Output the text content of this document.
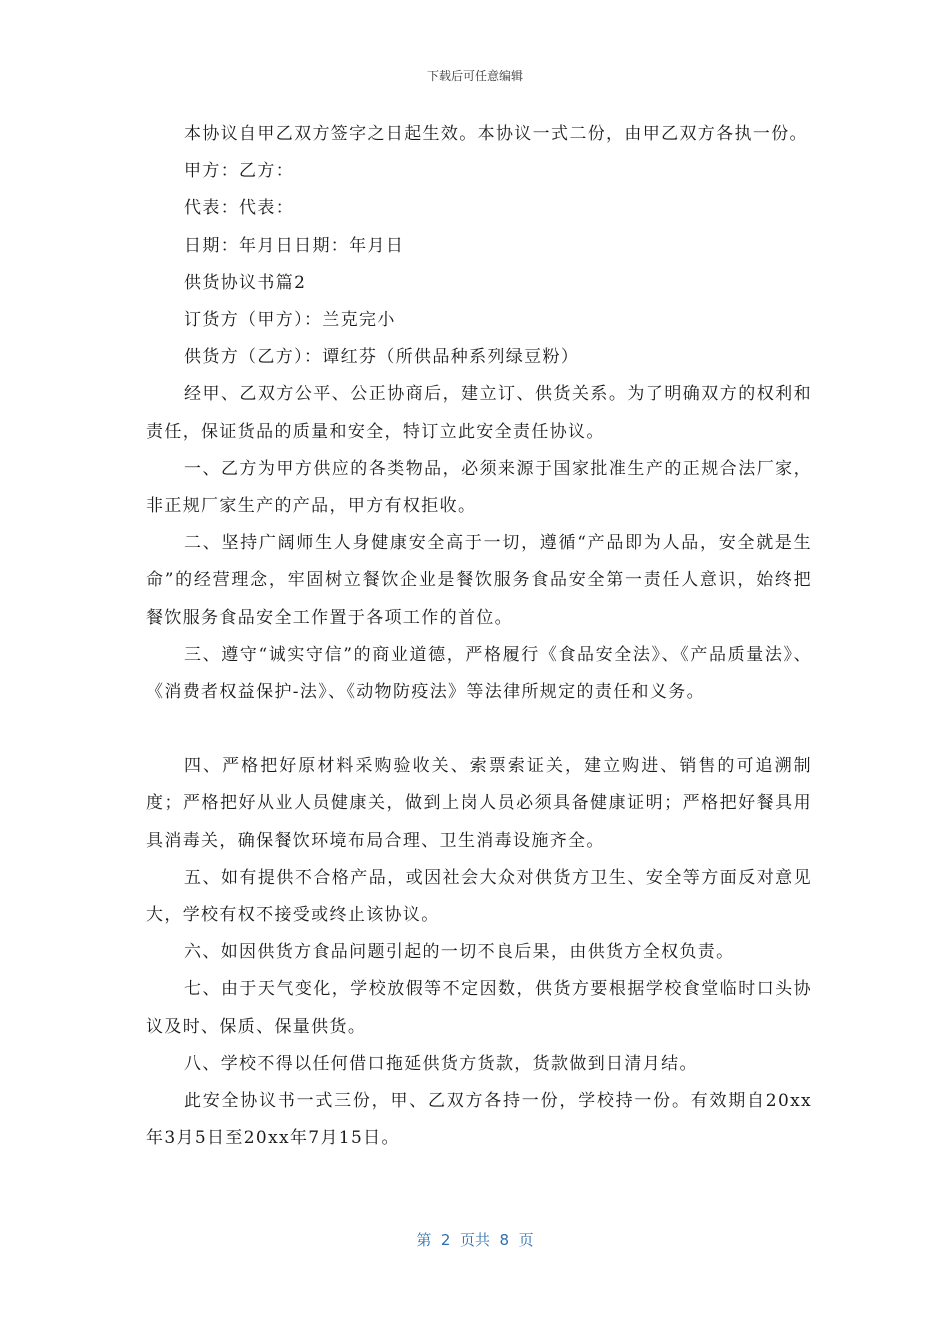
下载后可任意编辑

本协议自甲乙双方签字之日起生效。本协议一式二份，由甲乙双方各执一份。

甲方：乙方：

代表：代表：

日期：年月日日期：年月日

供货协议书篇2

订货方（甲方）：兰克完小

供货方（乙方）：谭红芬（所供品种系列绿豆粉）

经甲、乙双方公平、公正协商后，建立订、供货关系。为了明确双方的权利和责任，保证货品的质量和安全，特订立此安全责任协议。

一、乙方为甲方供应的各类物品，必须来源于国家批准生产的正规合法厂家，非正规厂家生产的产品，甲方有权拒收。

二、坚持广阔师生人身健康安全高于一切，遵循“产品即为人品，安全就是生命”的经营理念，牢固树立餐饮企业是餐饮服务食品安全第一责任人意识，始终把餐饮服务食品安全工作置于各项工作的首位。

三、遵守“诚实守信”的商业道德，严格履行《食品安全法》、《产品质量法》、《消费者权益保护-法》、《动物防疫法》等法律所规定的责任和义务。

四、严格把好原材料采购验收关、索票索证关，建立购进、销售的可追溯制度；严格把好从业人员健康关，做到上岗人员必须具备健康证明；严格把好餐具用具消毒关，确保餐饮环境布局合理、卫生消毒设施齐全。

五、如有提供不合格产品，或因社会大众对供货方卫生、安全等方面反对意见大，学校有权不接受或终止该协议。

六、如因供货方食品问题引起的一切不良后果，由供货方全权负责。

七、由于天气变化，学校放假等不定因数，供货方要根据学校食堂临时口头协议及时、保质、保量供货。

八、学校不得以任何借口拖延供货方货款，货款做到日清月结。

此安全协议书一式三份，甲、乙双方各持一份，学校持一份。有效期自20xx年3月5日至20xx年7月15日。

第  2  页共  8  页
